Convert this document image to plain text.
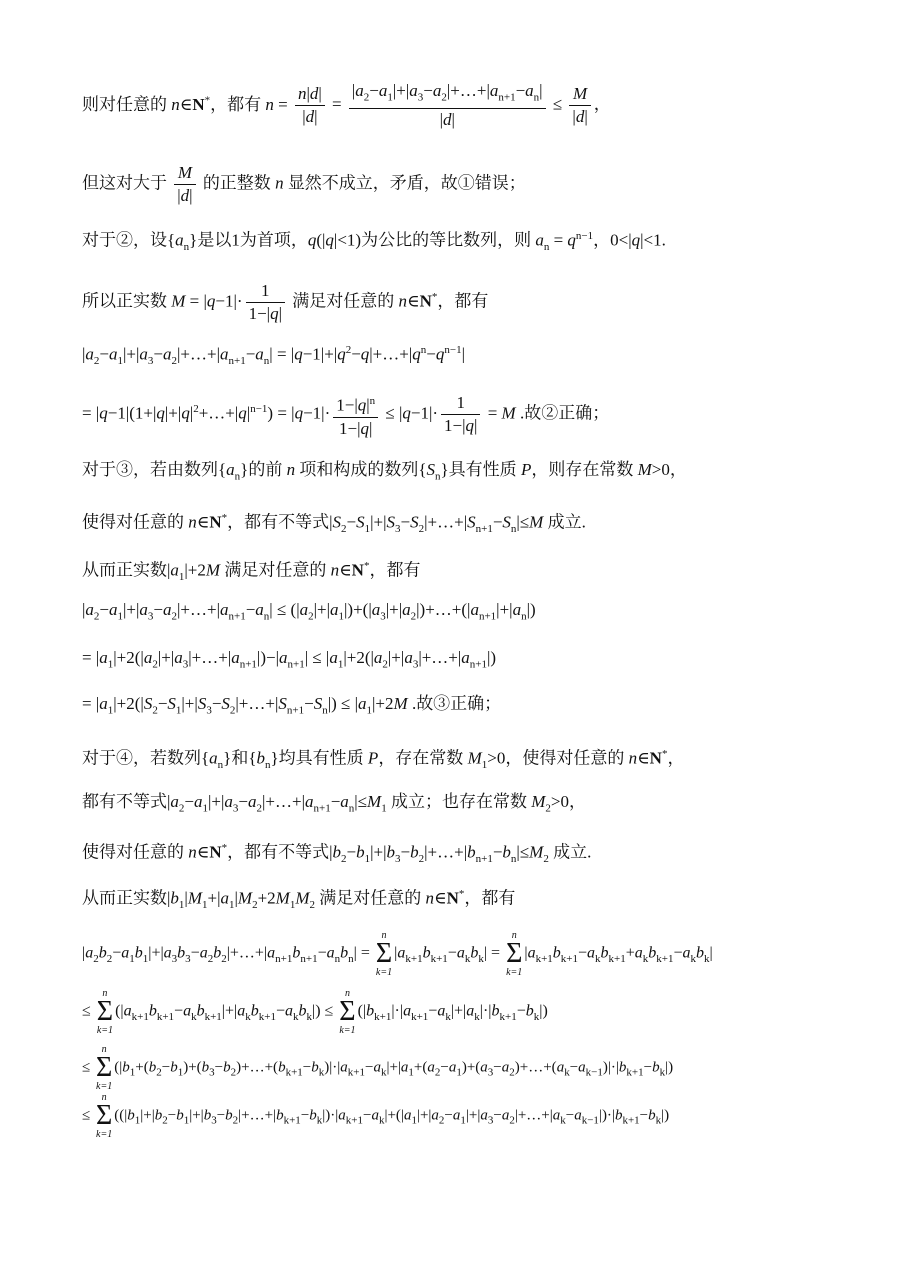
则对任意的 n∈N*，都有 $n = \frac{n|d|}{|d|} = \frac{|a_2-a_1|+|a_3-a_2|+\dots+|a_{n+1}-a_n|}{|d|} \le \frac{M}{|d|}$ ，
但这对大于 $\frac{M}{|d|}$ 的正整数 n 显然不成立，矛盾，故①错误；
对于②，设$\{a_n\}$是以1为首项，q(|q|<1)为公比的等比数列，则 $a_n = q^{n-1}$，0<|q|<1.
所以正实数 $M = |q-1|\cdot \frac{1}{1-|q|}$ 满足对任意的 n∈N*，都有
$|a_2-a_1|+|a_3-a_2|+\dots+|a_{n+1}-a_n|$ = $|q-1|+|q^2-q|+\dots+|q^n-q^{n-1}|$
= $|q-1|(1+|q|+|q|^2+\dots+|q|^{n-1}) = |q-1|\cdot \frac{1-|q|^n}{1-|q|} \le |q-1|\cdot \frac{1}{1-|q|} = M$ .故②正确；
对于③，若由数列$\{a_n\}$的前 n 项和构成的数列$\{S_n\}$具有性质 P，则存在常数 M>0，
使得对任意的 n∈N*，都有不等式$|S_2-S_1|+|S_3-S_2|+\dots+|S_{n+1}-S_n|\le M$ 成立.
从而正实数$|a_1|+2M$ 满足对任意的 n∈N*，都有
$|a_2-a_1|+|a_3-a_2|+\dots+|a_{n+1}-a_n|$ ≤ $(|a_2|+|a_1|)+(|a_3|+|a_2|)+\dots+(|a_{n+1}|+|a_n|)$
= $|a_1|+2(|a_2|+|a_3|+\dots+|a_{n+1}|)-|a_{n+1}|$ ≤ $|a_1|+2(|a_2|+|a_3|+\dots+|a_{n+1}|)$
= $|a_1|+2(|S_2-S_1|+|S_3-S_2|+\dots+|S_{n+1}-S_n|) \le |a_1|+2M$ .故③正确；
对于④，若数列$\{a_n\}$和$\{b_n\}$均具有性质 P，存在常数 $M_1>0$，使得对任意的 n∈N*，
都有不等式$|a_2-a_1|+|a_3-a_2|+\dots+|a_{n+1}-a_n|\le M_1$ 成立；也存在常数 $M_2>0$，
使得对任意的 n∈N*，都有不等式$|b_2-b_1|+|b_3-b_2|+\dots+|b_{n+1}-b_n|\le M_2$ 成立.
从而正实数$|b_1|M_1+|a_1|M_2+2M_1M_2$ 满足对任意的 n∈N*，都有
$|a_2b_2-a_1b_1|+|a_3b_3-a_2b_2|+\dots+|a_{n+1}b_{n+1}-a_nb_n|$ =
n
Σ
k=1
$|a_{k+1}b_{k+1}-a_kb_k|$ =
n
Σ
k=1
$|a_{k+1}b_{k+1}-a_kb_{k+1}+a_kb_{k+1}-a_kb_k|$
≤
n
Σ
k=1
$(|a_{k+1}b_{k+1}-a_kb_{k+1}|+|a_kb_{k+1}-a_kb_k|)$ ≤
n
Σ
k=1
$(|b_{k+1}|\cdot|a_{k+1}-a_k|+|a_k|\cdot|b_{k+1}-b_k|)$
≤
n
Σ
k=1
$(|b_1+(b_2-b_1)+(b_3-b_2)+\dots+(b_{k+1}-b_k)|\cdot|a_{k+1}-a_k|+|a_1+(a_2-a_1)+(a_3-a_2)+\dots+(a_k-a_{k-1})|\cdot|b_{k+1}-b_k|)$
≤
n
Σ
k=1
$((|b_1|+|b_2-b_1|+|b_3-b_2|+\dots+|b_{k+1}-b_k|)\cdot|a_{k+1}-a_k|+(|a_1|+|a_2-a_1|+|a_3-a_2|+\dots+|a_k-a_{k-1}|)\cdot|b_{k+1}-b_k|)$
